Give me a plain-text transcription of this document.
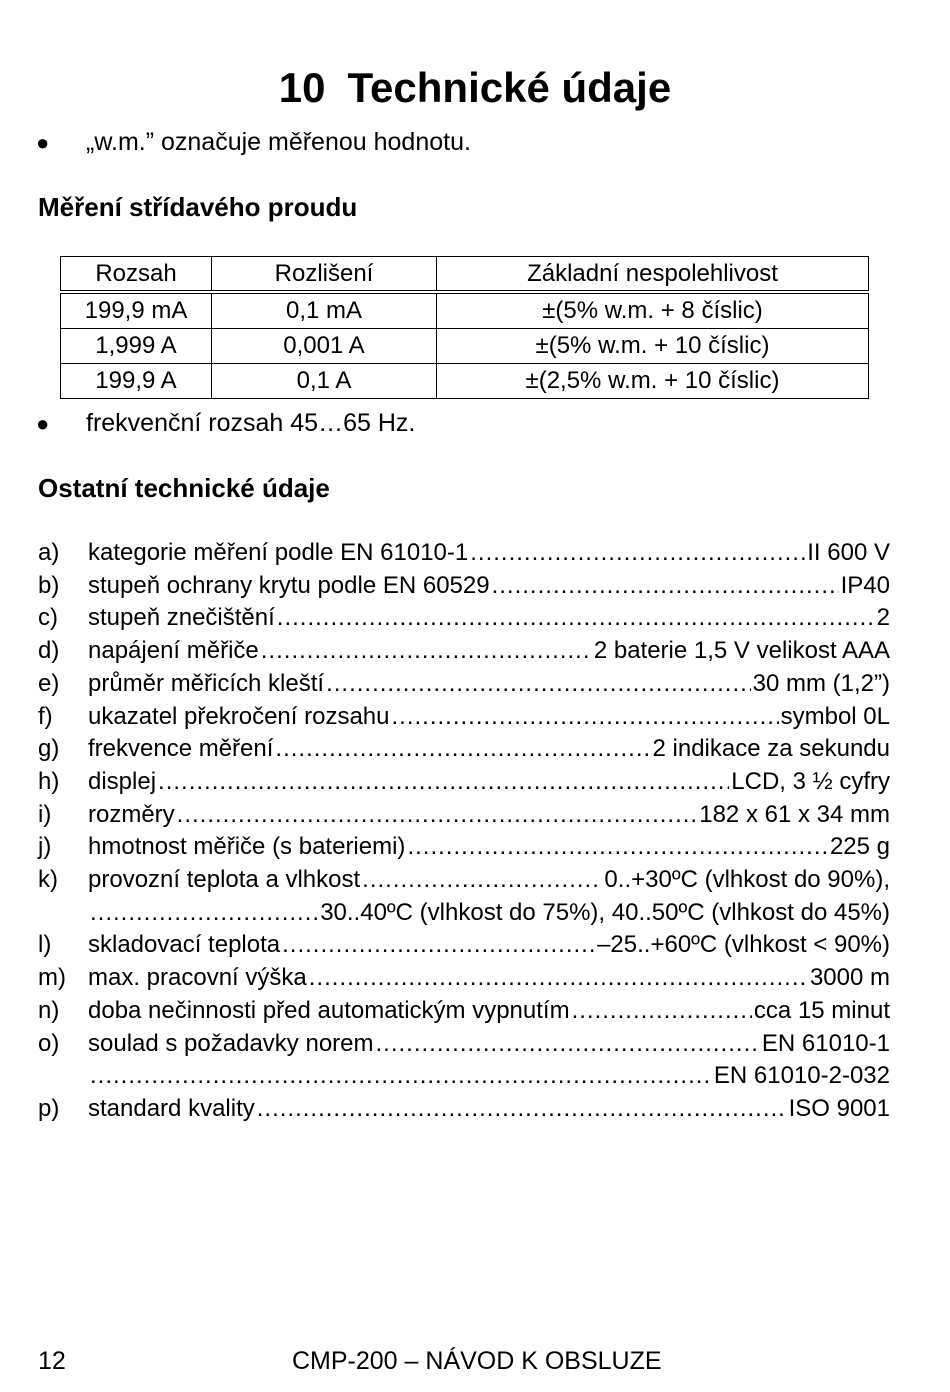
10 Technické údaje
● „w.m.” označuje měřenou hodnotu.
Měření střídavého proudu
Rozsah	Rozlišení	Základní nespolehlivost
199,9 mA	0,1 mA	±(5% w.m. + 8 číslic)
1,999 A	0,001 A	±(5% w.m. + 10 číslic)
199,9 A	0,1 A	±(2,5% w.m. + 10 číslic)
● frekvenční rozsah 45…65 Hz.
Ostatní technické údaje
a)	kategorie měření podle EN 61010-1 .....	II 600 V
b)	stupeň ochrany krytu podle EN 60529 .....	IP40
c)	stupeň znečištění .....	2
d)	napájení měřiče .....	2 baterie 1,5 V velikost AAA
e)	průměr měřicích kleští .....	30 mm (1,2”)
f)	ukazatel překročení rozsahu .....	symbol 0L
g)	frekvence měření .....	2 indikace za sekundu
h)	displej .....	LCD, 3 ½ cyfry
i)	rozměry .....	182 x 61 x 34 mm
j)	hmotnost měřiče (s bateriemi) .....	225 g
k)	provozní teplota a vlhkost .....	0..+30ºC (vlhkost do 90%),
.....
30..40ºC (vlhkost do 75%), 40..50ºC (vlhkost do 45%)
l)	skladovací teplota .....	–25..+60ºC (vlhkost < 90%)
m) max. pracovní výška .....	3000 m
n)	doba nečinnosti před automatickým vypnutím .....	cca 15 minut
o)	soulad s požadavky norem .....	EN 61010-1
.....
EN 61010-2-032
p)	standard kvality .....	ISO 9001
12	CMP-200 – NÁVOD K OBSLUZE
